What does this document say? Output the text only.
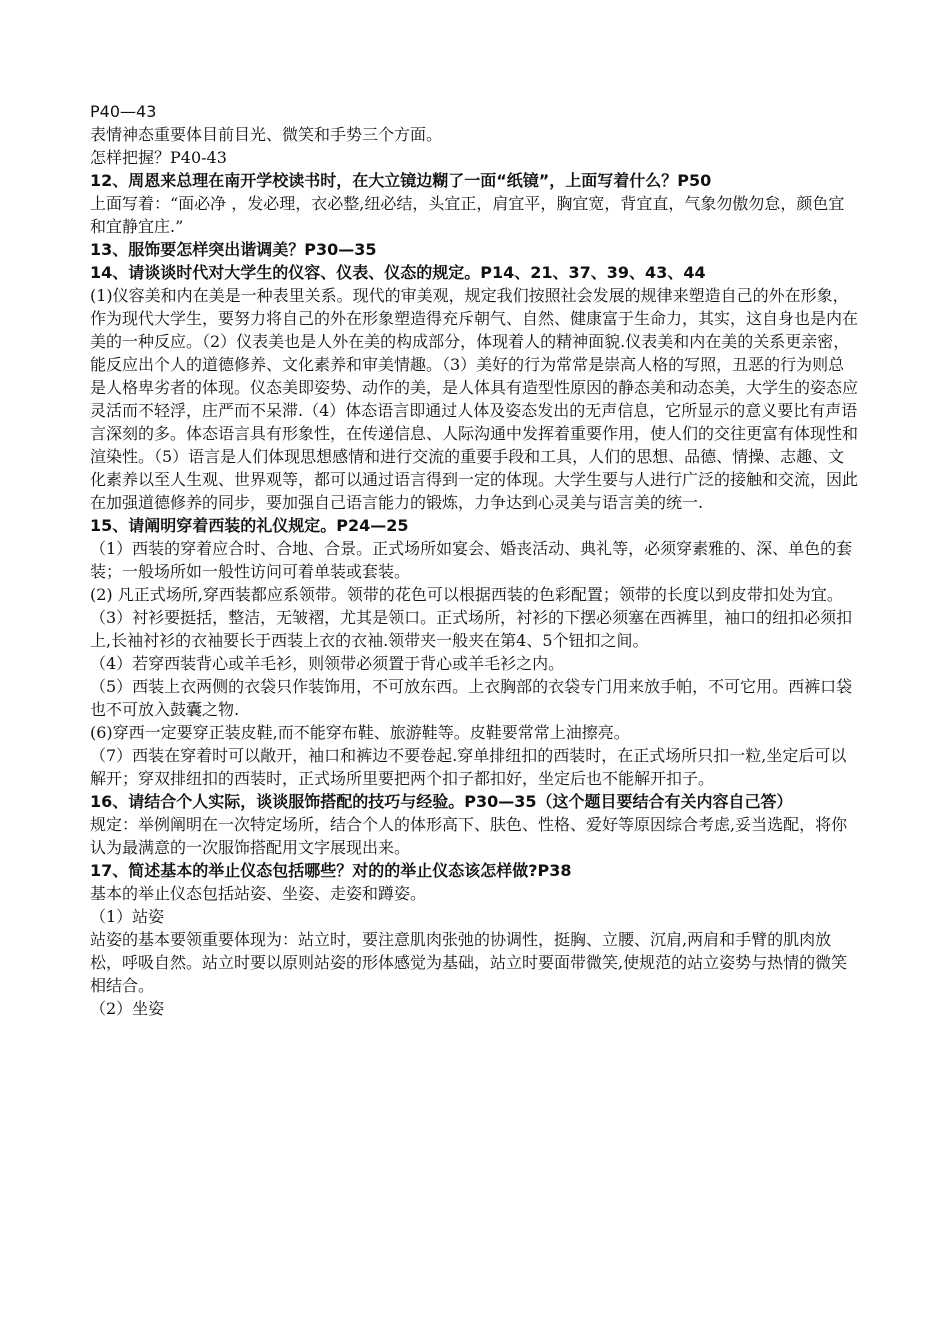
P40—43

表情神态重要体目前目光、微笑和手势三个方面。

怎样把握？P40-43

12、周恩来总理在南开学校读书时，在大立镜边糊了一面“纸镜”，上面写着什么？P50

上面写着：“面必净 ，发必理，衣必整,纽必结，头宜正，肩宜平，胸宜宽，背宜直，气象勿傲勿怠，颜色宜和宜静宜庄.”

13、服饰要怎样突出谐调美？P30—35

14、请谈谈时代对大学生的仪容、仪表、仪态的规定。P14、21、37、39、43、44

(1)仪容美和内在美是一种表里关系。现代的审美观，规定我们按照社会发展的规律来塑造自己的外在形象，作为现代大学生，要努力将自己的外在形象塑造得充斥朝气、自然、健康富于生命力，其实，这自身也是内在美的一种反应。（2）仪表美也是人外在美的构成部分，体现着人的精神面貌.仪表美和内在美的关系更亲密，能反应出个人的道德修养、文化素养和审美情趣。（3）美好的行为常常是崇高人格的写照，丑恶的行为则总是人格卑劣者的体现。仪态美即姿势、动作的美，是人体具有造型性原因的静态美和动态美，大学生的姿态应灵活而不轻浮，庄严而不呆滞.（4）体态语言即通过人体及姿态发出的无声信息，它所显示的意义要比有声语言深刻的多。体态语言具有形象性，在传递信息、人际沟通中发挥着重要作用，使人们的交往更富有体现性和渲染性。（5）语言是人们体现思想感情和进行交流的重要手段和工具，人们的思想、品德、情操、志趣、文化素养以至人生观、世界观等，都可以通过语言得到一定的体现。大学生要与人进行广泛的接触和交流，因此在加强道德修养的同步，要加强自己语言能力的锻炼，力争达到心灵美与语言美的统一.

15、请阐明穿着西装的礼仪规定。P24—25

（1）西装的穿着应合时、合地、合景。正式场所如宴会、婚丧活动、典礼等，必须穿素雅的、深、单色的套装；一般场所如一般性访问可着单装或套装。

(2) 凡正式场所,穿西装都应系领带。领带的花色可以根据西装的色彩配置；领带的长度以到皮带扣处为宜。

（3）衬衫要挺括，整洁，无皱褶，尤其是领口。正式场所，衬衫的下摆必须塞在西裤里，袖口的纽扣必须扣上,长袖衬衫的衣袖要长于西装上衣的衣袖.领带夹一般夹在第4、5个钮扣之间。

（4）若穿西装背心或羊毛衫，则领带必须置于背心或羊毛衫之内。

（5）西装上衣两侧的衣袋只作装饰用，不可放东西。上衣胸部的衣袋专门用来放手帕，不可它用。西裤口袋也不可放入鼓囊之物.

(6)穿西一定要穿正装皮鞋,而不能穿布鞋、旅游鞋等。皮鞋要常常上油擦亮。

（7）西装在穿着时可以敞开，袖口和裤边不要卷起.穿单排纽扣的西装时，在正式场所只扣一粒,坐定后可以解开；穿双排纽扣的西装时，正式场所里要把两个扣子都扣好，坐定后也不能解开扣子。

16、请结合个人实际，谈谈服饰搭配的技巧与经验。P30—35（这个题目要结合有关内容自己答）

规定：举例阐明在一次特定场所，结合个人的体形高下、肤色、性格、爱好等原因综合考虑,妥当选配，将你认为最满意的一次服饰搭配用文字展现出来。

17、简述基本的举止仪态包括哪些？对的的举止仪态该怎样做?P38

基本的举止仪态包括站姿、坐姿、走姿和蹲姿。

（1）站姿

站姿的基本要领重要体现为：站立时，要注意肌肉张弛的协调性，挺胸、立腰、沉肩,两肩和手臂的肌肉放松，呼吸自然。站立时要以原则站姿的形体感觉为基础，站立时要面带微笑,使规范的站立姿势与热情的微笑相结合。

（2）坐姿
